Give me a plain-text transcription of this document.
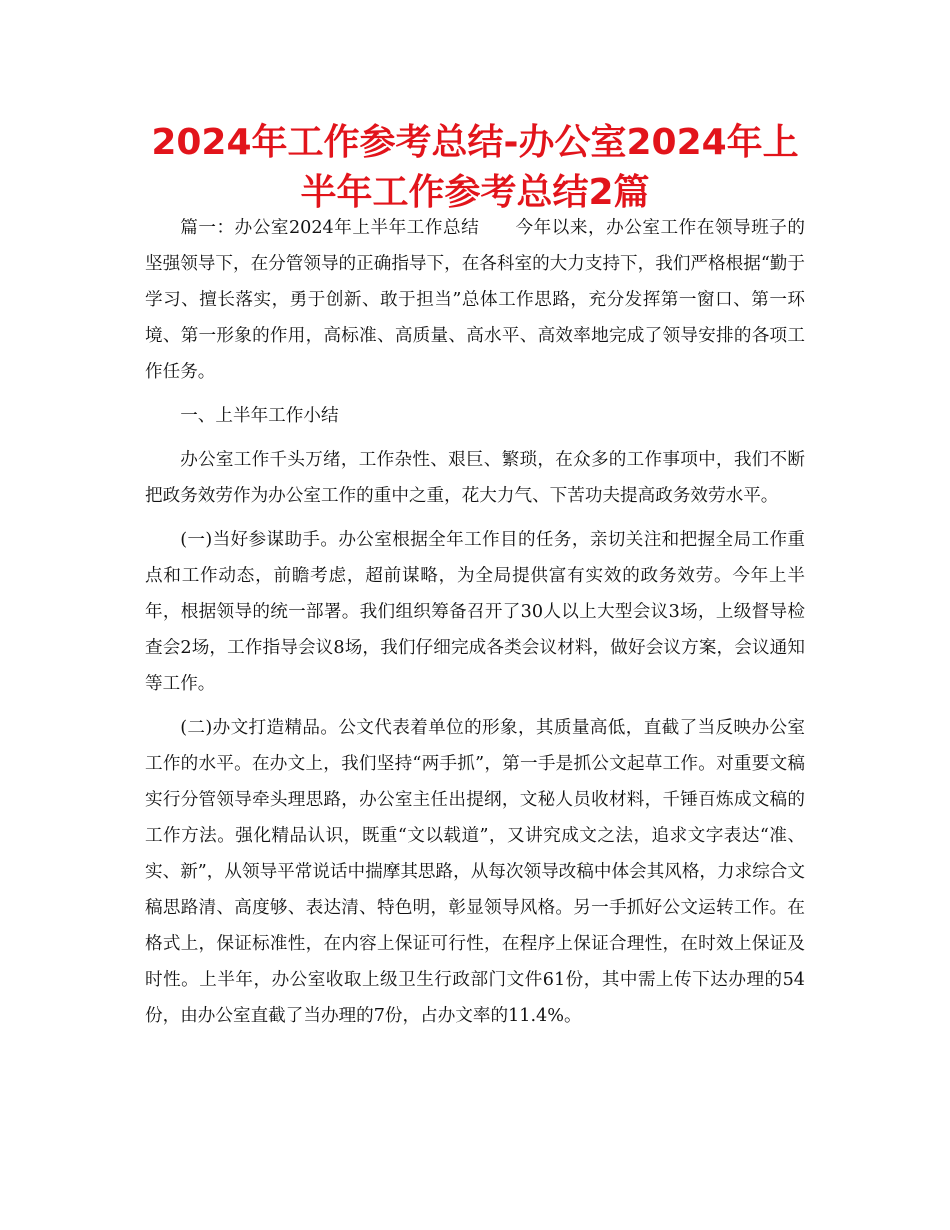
2024年工作参考总结-办公室2024年上半年工作参考总结2篇

篇一：办公室2024年上半年工作总结　　今年以来，办公室工作在领导班子的坚强领导下，在分管领导的正确指导下，在各科室的大力支持下，我们严格根据“勤于学习、擅长落实，勇于创新、敢于担当”总体工作思路，充分发挥第一窗口、第一环境、第一形象的作用，高标准、高质量、高水平、高效率地完成了领导安排的各项工作任务。

一、上半年工作小结

办公室工作千头万绪，工作杂性、艰巨、繁琐，在众多的工作事项中，我们不断把政务效劳作为办公室工作的重中之重，花大力气、下苦功夫提高政务效劳水平。

(一)当好参谋助手。办公室根据全年工作目的任务，亲切关注和把握全局工作重点和工作动态，前瞻考虑，超前谋略，为全局提供富有实效的政务效劳。今年上半年，根据领导的统一部署。我们组织筹备召开了30人以上大型会议3场，上级督导检查会2场，工作指导会议8场，我们仔细完成各类会议材料，做好会议方案，会议通知等工作。

(二)办文打造精品。公文代表着单位的形象，其质量高低，直截了当反映办公室工作的水平。在办文上，我们坚持“两手抓”，第一手是抓公文起草工作。对重要文稿实行分管领导牵头理思路，办公室主任出提纲，文秘人员收材料，千锤百炼成文稿的工作方法。强化精品认识，既重“文以载道”，又讲究成文之法，追求文字表达“准、实、新”，从领导平常说话中揣摩其思路，从每次领导改稿中体会其风格，力求综合文稿思路清、高度够、表达清、特色明，彰显领导风格。另一手抓好公文运转工作。在格式上，保证标准性，在内容上保证可行性，在程序上保证合理性，在时效上保证及时性。上半年，办公室收取上级卫生行政部门文件61份，其中需上传下达办理的54份，由办公室直截了当办理的7份，占办文率的11.4%。
